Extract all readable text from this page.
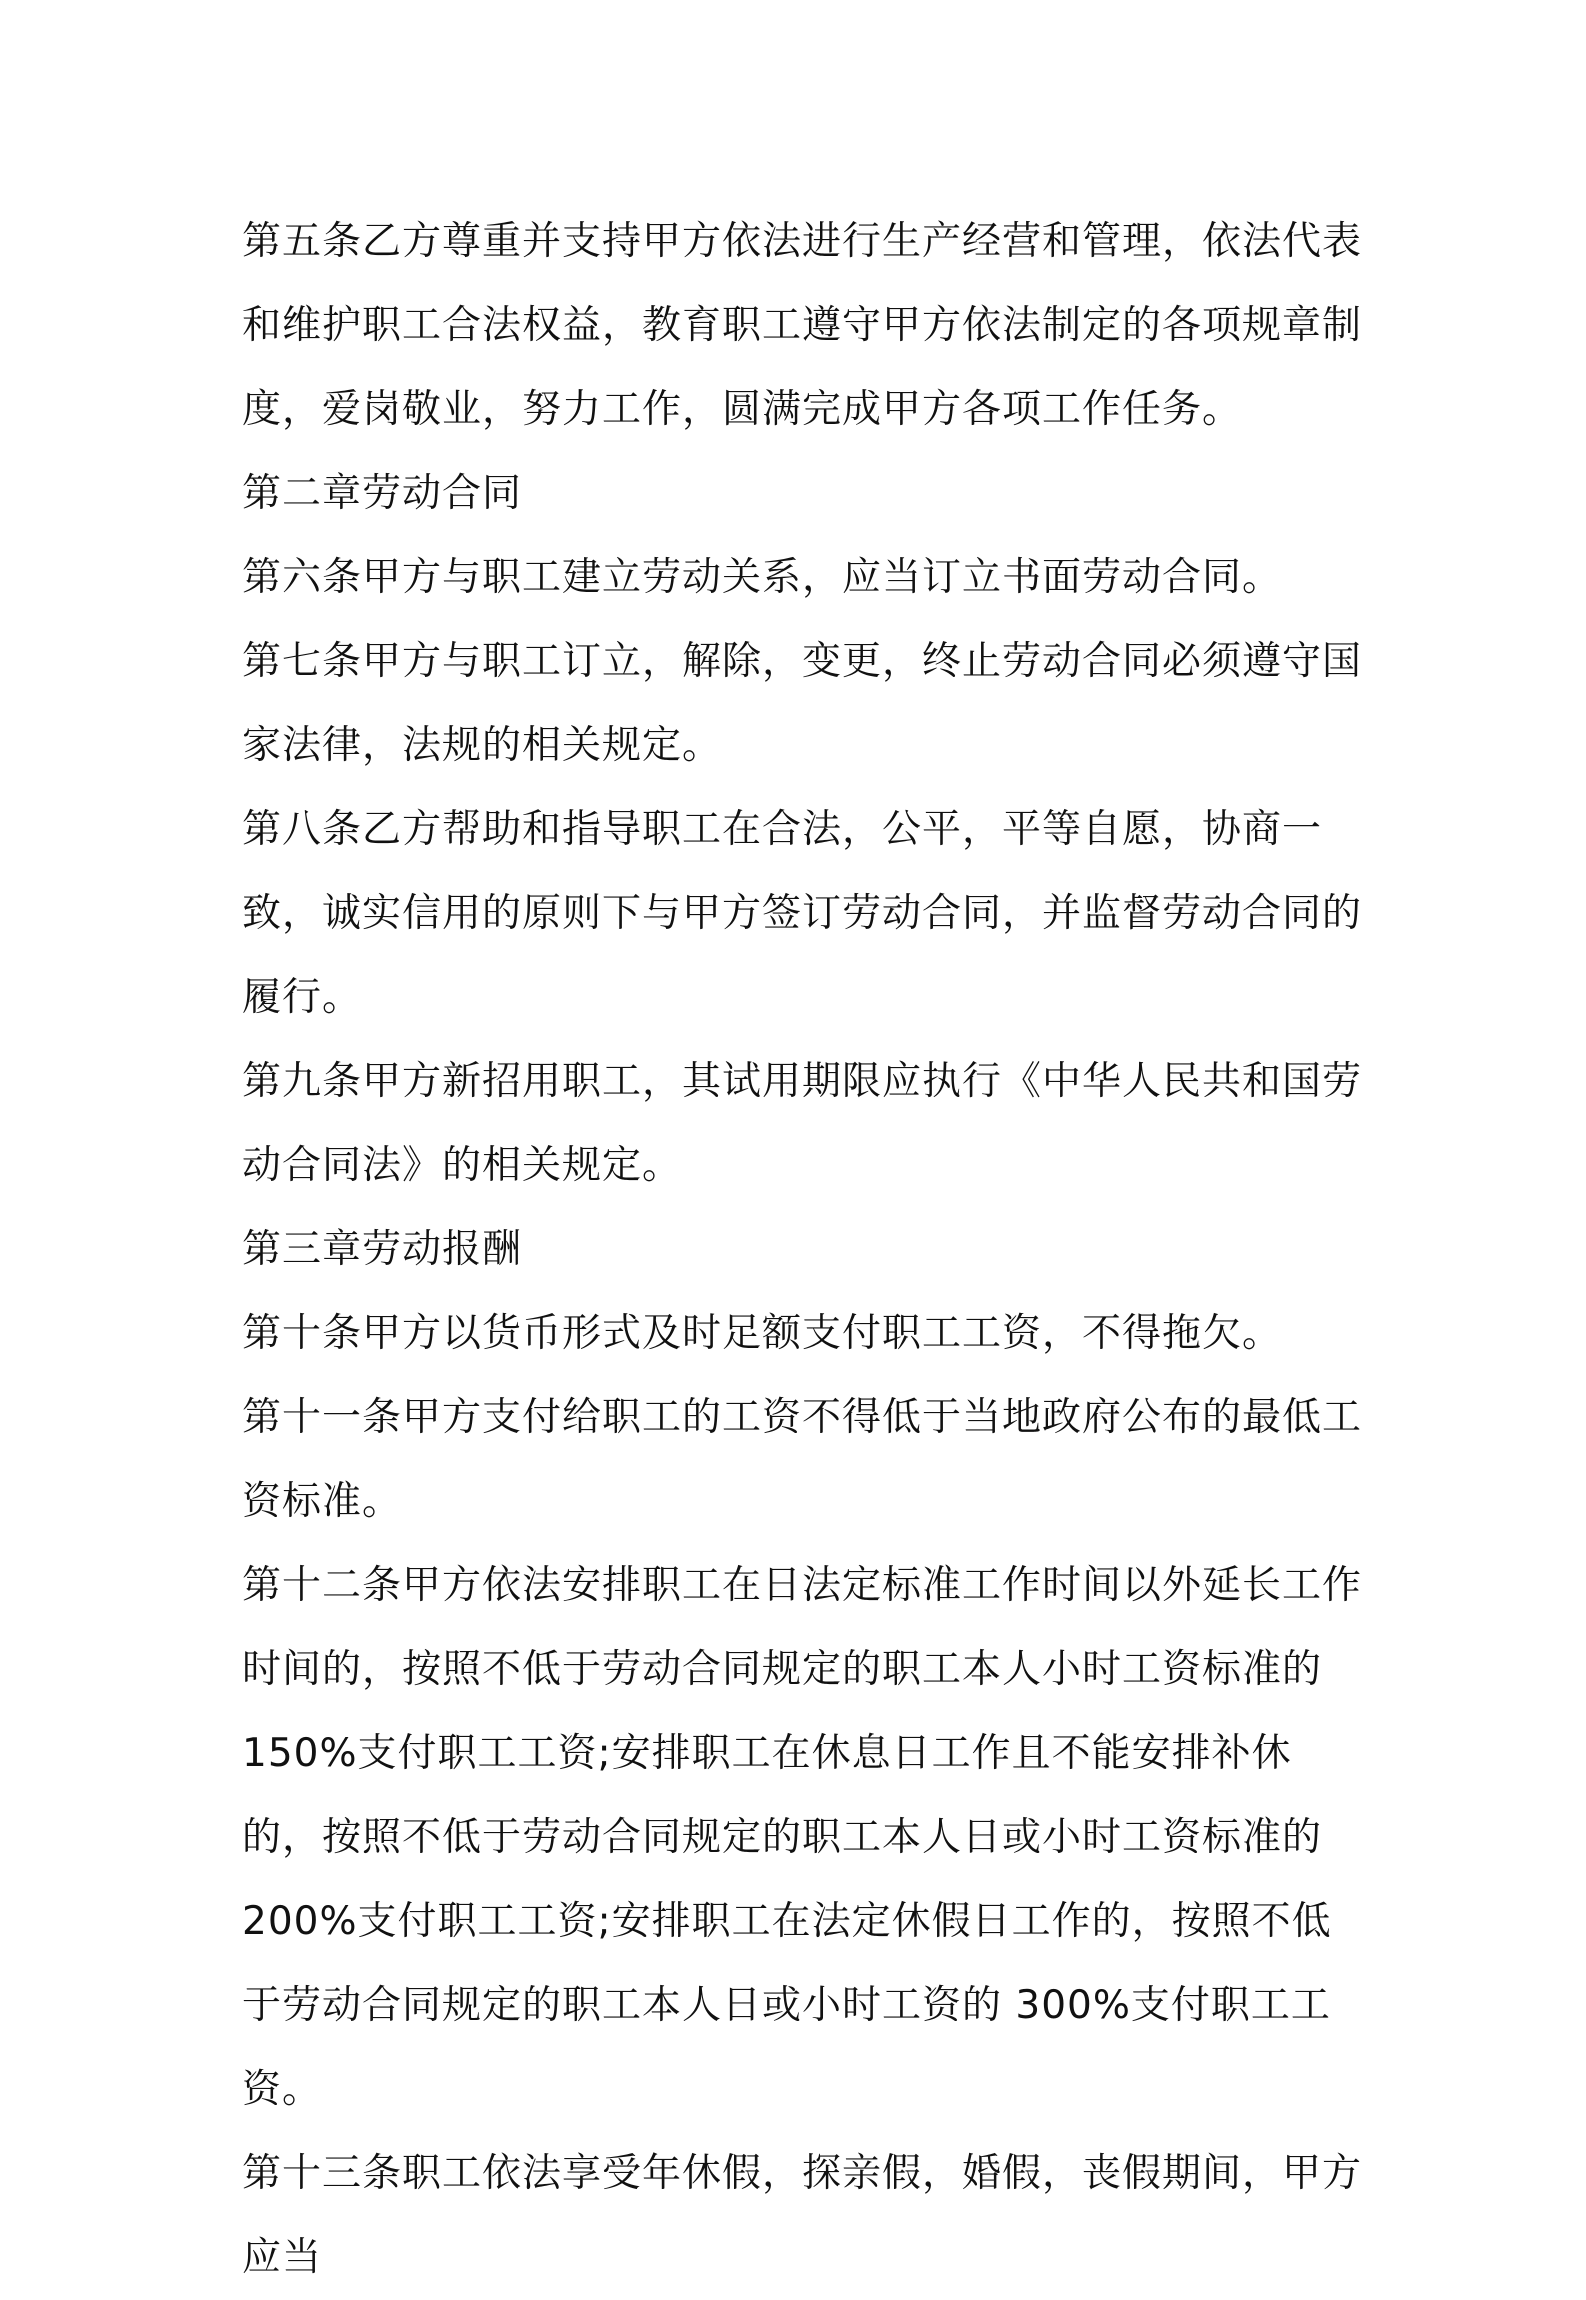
第五条乙方尊重并支持甲方依法进行生产经营和管理，依法代表和维护职工合法权益，教育职工遵守甲方依法制定的各项规章制度，爱岗敬业，努力工作，圆满完成甲方各项工作任务。

第二章劳动合同

第六条甲方与职工建立劳动关系，应当订立书面劳动合同。

第七条甲方与职工订立，解除，变更，终止劳动合同必须遵守国家法律，法规的相关规定。

第八条乙方帮助和指导职工在合法，公平，平等自愿，协商一致，诚实信用的原则下与甲方签订劳动合同，并监督劳动合同的履行。

第九条甲方新招用职工，其试用期限应执行《中华人民共和国劳动合同法》的相关规定。

第三章劳动报酬

第十条甲方以货币形式及时足额支付职工工资，不得拖欠。

第十一条甲方支付给职工的工资不得低于当地政府公布的最低工资标准。

第十二条甲方依法安排职工在日法定标准工作时间以外延长工作时间的，按照不低于劳动合同规定的职工本人小时工资标准的 150%支付职工工资;安排职工在休息日工作且不能安排补休的，按照不低于劳动合同规定的职工本人日或小时工资标准的 200%支付职工工资;安排职工在法定休假日工作的，按照不低于劳动合同规定的职工本人日或小时工资的 300%支付职工工资。

第十三条职工依法享受年休假，探亲假，婚假，丧假期间，甲方应当
